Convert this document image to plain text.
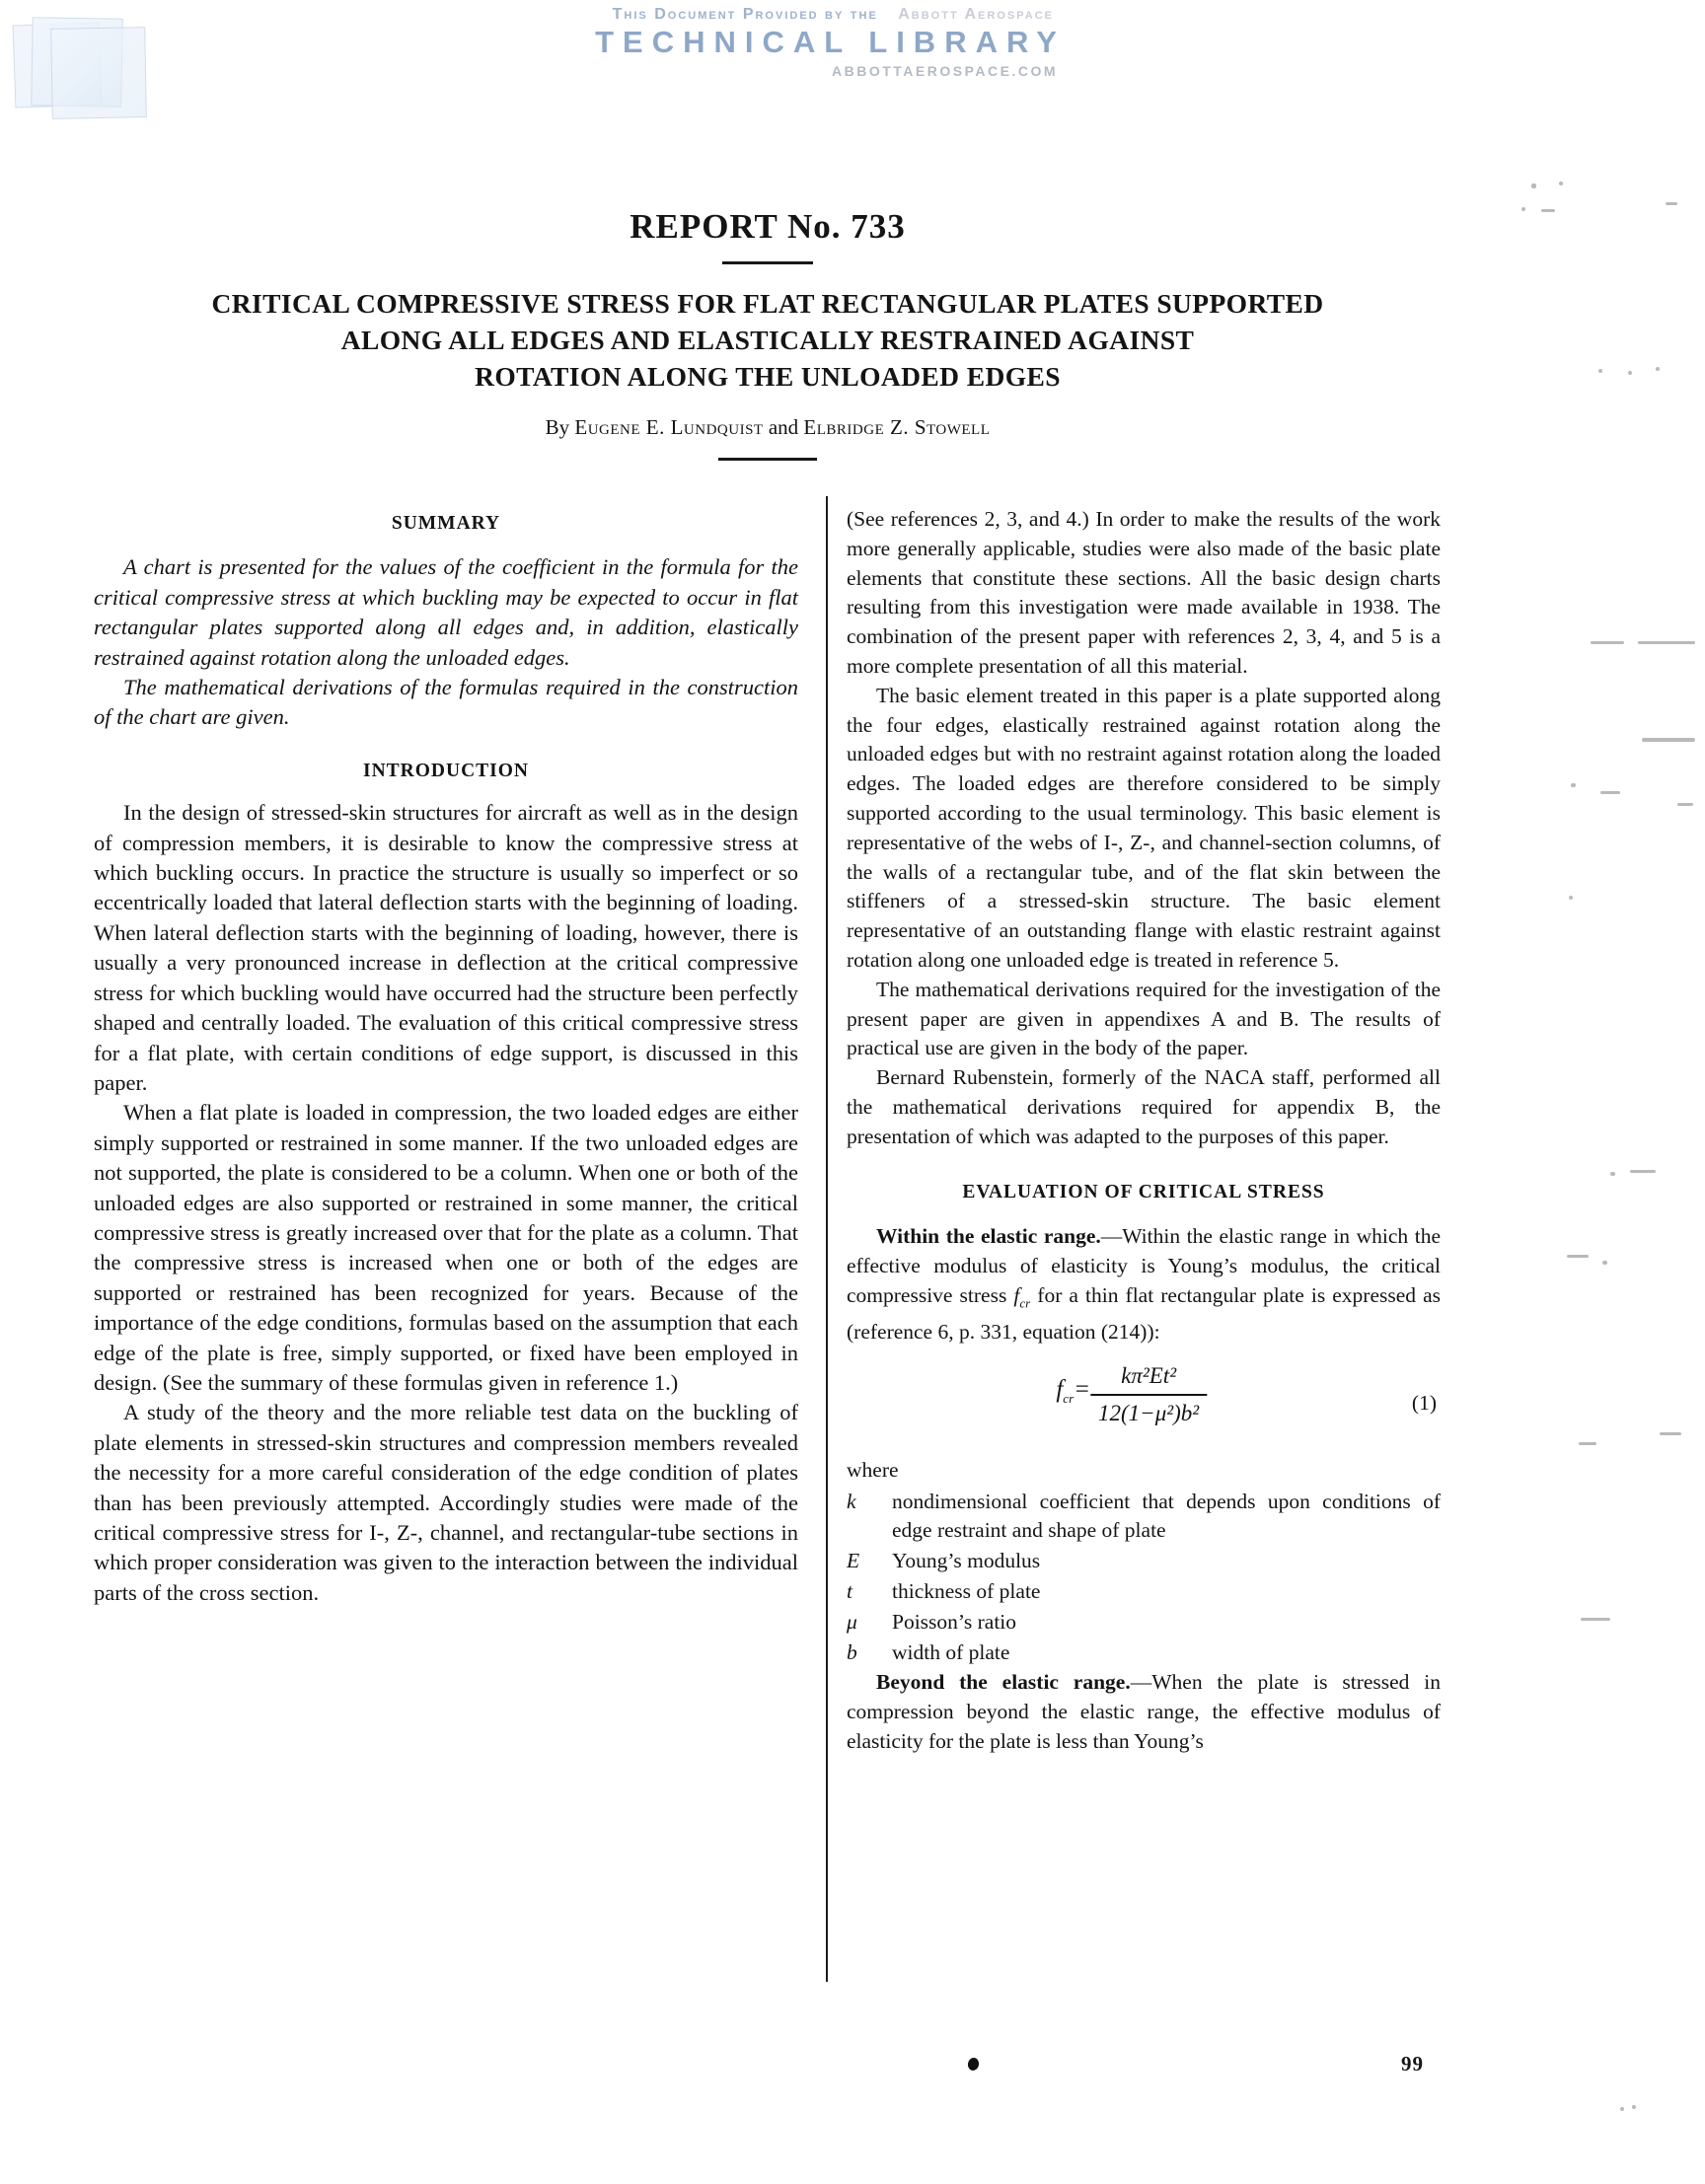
This Document Provided by the Abbott Aerospace
TECHNICAL LIBRARY
ABBOTTAEROSPACE.COM
REPORT No. 733
CRITICAL COMPRESSIVE STRESS FOR FLAT RECTANGULAR PLATES SUPPORTED
ALONG ALL EDGES AND ELASTICALLY RESTRAINED AGAINST
ROTATION ALONG THE UNLOADED EDGES
By Eugene E. Lundquist and Elbridge Z. Stowell
SUMMARY

A chart is presented for the values of the coefficient in the formula for the critical compressive stress at which buckling may be expected to occur in flat rectangular plates supported along all edges and, in addition, elastically restrained against rotation along the unloaded edges.

The mathematical derivations of the formulas required in the construction of the chart are given.

INTRODUCTION

In the design of stressed-skin structures for aircraft as well as in the design of compression members, it is desirable to know the compressive stress at which buckling occurs. In practice the structure is usually so imperfect or so eccentrically loaded that lateral deflection starts with the beginning of loading. When lateral deflection starts with the beginning of loading, however, there is usually a very pronounced increase in deflection at the critical compressive stress for which buckling would have occurred had the structure been perfectly shaped and centrally loaded. The evaluation of this critical compressive stress for a flat plate, with certain conditions of edge support, is discussed in this paper.

When a flat plate is loaded in compression, the two loaded edges are either simply supported or restrained in some manner. If the two unloaded edges are not supported, the plate is considered to be a column. When one or both of the unloaded edges are also supported or restrained in some manner, the critical compressive stress is greatly increased over that for the plate as a column. That the compressive stress is increased when one or both of the edges are supported or restrained has been recognized for years. Because of the importance of the edge conditions, formulas based on the assumption that each edge of the plate is free, simply supported, or fixed have been employed in design. (See the summary of these formulas given in reference 1.)

A study of the theory and the more reliable test data on the buckling of plate elements in stressed-skin structures and compression members revealed the necessity for a more careful consideration of the edge condition of plates than has been previously attempted. Accordingly studies were made of the critical compressive stress for I-, Z-, channel, and rectangular-tube sections in which proper consideration was given to the interaction between the individual parts of the cross section.

(See references 2, 3, and 4.) In order to make the results of the work more generally applicable, studies were also made of the basic plate elements that constitute these sections. All the basic design charts resulting from this investigation were made available in 1938. The combination of the present paper with references 2, 3, 4, and 5 is a more complete presentation of all this material.

The basic element treated in this paper is a plate supported along the four edges, elastically restrained against rotation along the unloaded edges but with no restraint against rotation along the loaded edges. The loaded edges are therefore considered to be simply supported according to the usual terminology. This basic element is representative of the webs of I-, Z-, and channel-section columns, of the walls of a rectangular tube, and of the flat skin between the stiffeners of a stressed-skin structure. The basic element representative of an outstanding flange with elastic restraint against rotation along one unloaded edge is treated in reference 5.

The mathematical derivations required for the investigation of the present paper are given in appendixes A and B. The results of practical use are given in the body of the paper.

Bernard Rubenstein, formerly of the NACA staff, performed all the mathematical derivations required for appendix B, the presentation of which was adapted to the purposes of this paper.

EVALUATION OF CRITICAL STRESS

Within the elastic range.—Within the elastic range in which the effective modulus of elasticity is Young’s modulus, the critical compressive stress $f_{cr}$ for a thin flat rectangular plate is expressed as (reference 6, p. 331, equation (214)):

$f_{cr}= \frac{\text{kπ²Et²}}{\text{12(1−μ²)b²}}$	(1)

where

k	nondimensional coefficient that depends upon conditions of edge restraint and shape of plate
E	Young’s modulus
t	thickness of plate
μ	Poisson’s ratio
b	width of plate

Beyond the elastic range.—When the plate is stressed in compression beyond the elastic range, the effective modulus of elasticity for the plate is less than Young’s

99
